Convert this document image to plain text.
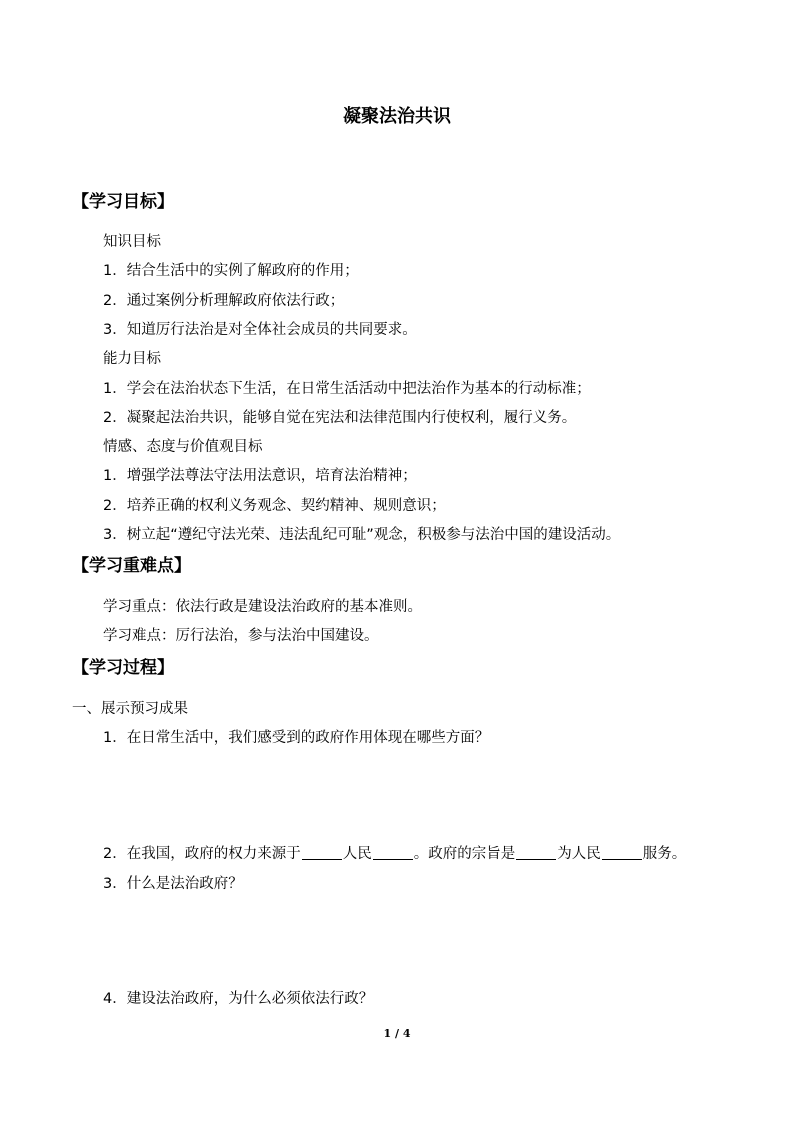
凝聚法治共识
【学习目标】
知识目标
1．结合生活中的实例了解政府的作用；
2．通过案例分析理解政府依法行政；
3．知道厉行法治是对全体社会成员的共同要求。
能力目标
1．学会在法治状态下生活，在日常生活活动中把法治作为基本的行动标准；
2．凝聚起法治共识，能够自觉在宪法和法律范围内行使权利，履行义务。
情感、态度与价值观目标
1．增强学法尊法守法用法意识，培育法治精神；
2．培养正确的权利义务观念、契约精神、规则意识；
3．树立起“遵纪守法光荣、违法乱纪可耻”观念，积极参与法治中国的建设活动。
【学习重难点】
学习重点：依法行政是建设法治政府的基本准则。
学习难点：厉行法治，参与法治中国建设。
【学习过程】
一、展示预习成果
1．在日常生活中，我们感受到的政府作用体现在哪些方面？
2．在我国，政府的权力来源于	人民	。政府的宗旨是	为人民	服务。
3．什么是法治政府？
4．建设法治政府，为什么必须依法行政？
1 / 4
